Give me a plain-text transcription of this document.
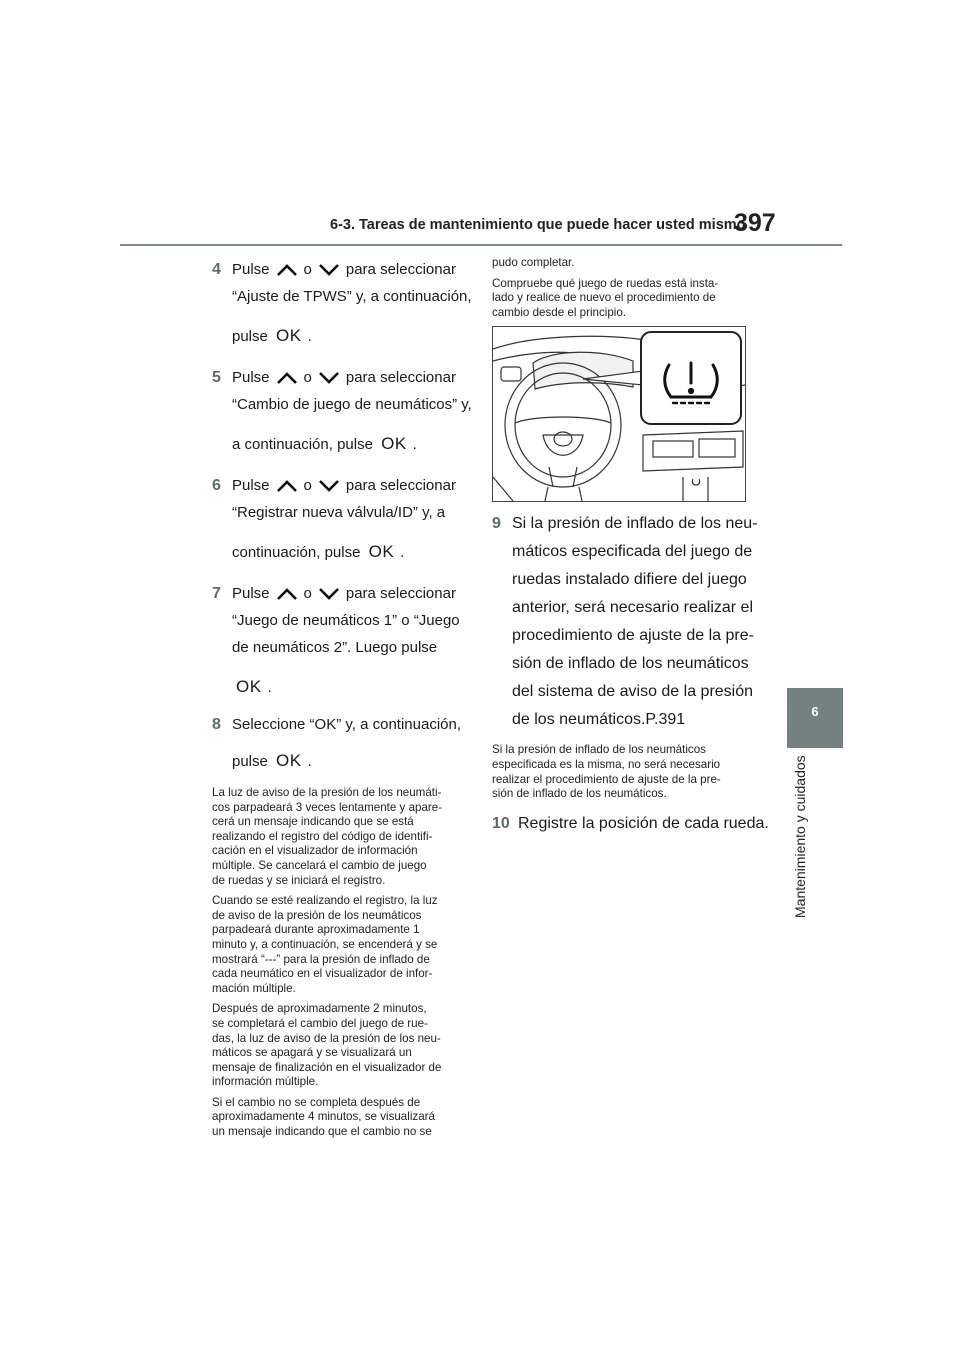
6-3. Tareas de mantenimiento que puede hacer usted mismo
397
6
Mantenimiento y cuidados
4 Pulse o para seleccionar
“Ajuste de TPWS” y, a continuación,
pulse OK .
5 Pulse o para seleccionar
“Cambio de juego de neumáticos” y,
a continuación, pulse OK .
6 Pulse o para seleccionar
“Registrar nueva válvula/ID” y, a
continuación, pulse OK .
7 Pulse o para seleccionar
“Juego de neumáticos 1” o “Juego
de neumáticos 2”. Luego pulse
OK .
8 Seleccione “OK” y, a continuación,
pulse OK .
La luz de aviso de la presión de los neumáti-
cos parpadeará 3 veces lentamente y apare-
cerá un mensaje indicando que se está
realizando el registro del código de identifi-
cación en el visualizador de información
múltiple. Se cancelará el cambio de juego
de ruedas y se iniciará el registro.
Cuando se esté realizando el registro, la luz
de aviso de la presión de los neumáticos
parpadeará durante aproximadamente 1
minuto y, a continuación, se encenderá y se
mostrará “---” para la presión de inflado de
cada neumático en el visualizador de infor-
mación múltiple.
Después de aproximadamente 2 minutos,
se completará el cambio del juego de rue-
das, la luz de aviso de la presión de los neu-
máticos se apagará y se visualizará un
mensaje de finalización en el visualizador de
información múltiple.
Si el cambio no se completa después de
aproximadamente 4 minutos, se visualizará
un mensaje indicando que el cambio no se
pudo completar.
Compruebe qué juego de ruedas está insta-
lado y realice de nuevo el procedimiento de
cambio desde el principio.
9 Si la presión de inflado de los neu-
máticos especificada del juego de
ruedas instalado difiere del juego
anterior, será necesario realizar el
procedimiento de ajuste de la pre-
sión de inflado de los neumáticos
del sistema de aviso de la presión
de los neumáticos.P.391
Si la presión de inflado de los neumáticos
especificada es la misma, no será necesario
realizar el procedimiento de ajuste de la pre-
sión de inflado de los neumáticos.
10 Registre la posición de cada rueda.
